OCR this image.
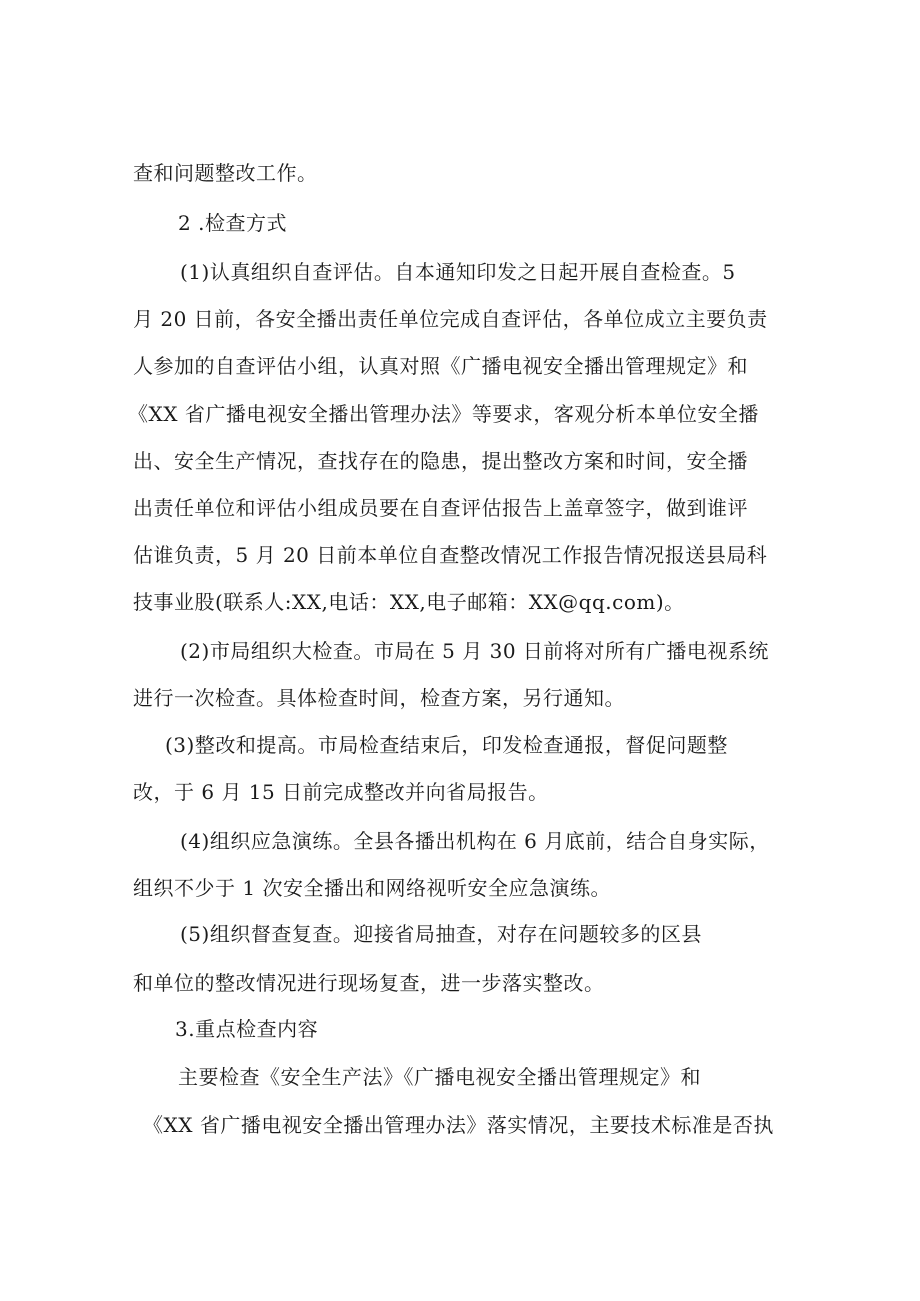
查和问题整改工作。
2 .检查方式
(1)认真组织自查评估。自本通知印发之日起开展自查检查。5
月 20 日前，各安全播出责任单位完成自查评估，各单位成立主要负责
人参加的自查评估小组，认真对照《广播电视安全播出管理规定》和
《XX 省广播电视安全播出管理办法》等要求，客观分析本单位安全播
出、安全生产情况，查找存在的隐患，提出整改方案和时间，安全播
出责任单位和评估小组成员要在自查评估报告上盖章签字，做到谁评
估谁负责，5 月 20 日前本单位自查整改情况工作报告情况报送县局科
技事业股(联系人:XX,电话：XX,电子邮箱：XX@qq.com)。
(2)市局组织大检查。市局在 5 月 30 日前将对所有广播电视系统
进行一次检查。具体检查时间，检查方案，另行通知。
(3)整改和提高。市局检查结束后，印发检查通报，督促问题整
改，于 6 月 15 日前完成整改并向省局报告。
(4)组织应急演练。全县各播出机构在 6 月底前，结合自身实际，
组织不少于 1 次安全播出和网络视听安全应急演练。
(5)组织督查复查。迎接省局抽查，对存在问题较多的区县
和单位的整改情况进行现场复查，进一步落实整改。
3.重点检查内容
主要检查《安全生产法》《广播电视安全播出管理规定》和
《XX 省广播电视安全播出管理办法》落实情况，主要技术标准是否执
